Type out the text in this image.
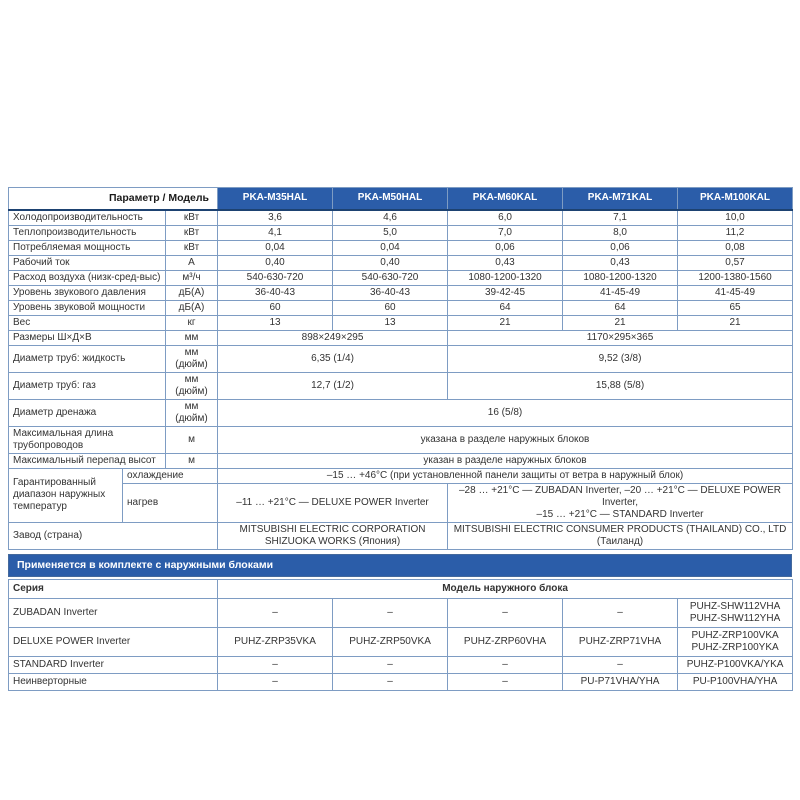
Параметр / Модель			PKA-M35HAL	PKA-M50HAL	PKA-M60KAL	PKA-M71KAL	PKA-M100KAL
Холодопроизводительность		кВт	3,6	4,6	6,0	7,1	10,0
Теплопроизводительность		кВт	4,1	5,0	7,0	8,0	11,2
Потребляемая мощность		кВт	0,04	0,04	0,06	0,06	0,08
Рабочий ток		А	0,40	0,40	0,43	0,43	0,57
Расход воздуха (низк-сред-выс)		м³/ч	540-630-720	540-630-720	1080-1200-1320	1080-1200-1320	1200-1380-1560
Уровень звукового давления		дБ(А)	36-40-43	36-40-43	39-42-45	41-45-49	41-45-49
Уровень звуковой мощности		дБ(А)	60	60	64	64	65
Вес		кг	13	13	21	21	21
Размеры Ш×Д×В		мм	898×249×295		1170×295×365		
Диаметр труб: жидкость		мм (дюйм)	6,35 (1/4)		9,52 (3/8)		
Диаметр труб: газ		мм (дюйм)	12,7 (1/2)		15,88 (5/8)		
Диаметр дренажа		мм (дюйм)	16 (5/8)				
Максимальная длина трубопроводов		м	указана в разделе наружных блоков				
Максимальный перепад высот		м	указан в разделе наружных блоков				
Гарантированный диапазон наружных температур	охлаждение		–15 … +46°C (при установленной панели защиты от ветра в наружный блок)				
	нагрев		–11 … +21°C — DELUXE POWER Inverter		–28 … +21°C — ZUBADAN Inverter, –20 … +21°C — DELUXE POWER Inverter,
–15 … +21°C — STANDARD Inverter		
Завод (страна)			MITSUBISHI ELECTRIC CORPORATION
SHIZUOKA WORKS (Япония)		MITSUBISHI ELECTRIC CONSUMER PRODUCTS (THAILAND) CO., LTD (Таиланд)		
Применяется в комплекте с наружными блоками
Серия	Модель наружного блока				
ZUBADAN Inverter	–	–	–	–	PUHZ-SHW112VHA
PUHZ-SHW112YHA
DELUXE POWER Inverter	PUHZ-ZRP35VKA	PUHZ-ZRP50VKA	PUHZ-ZRP60VHA	PUHZ-ZRP71VHA	PUHZ-ZRP100VKA
PUHZ-ZRP100YKA
STANDARD Inverter	–	–	–	–	PUHZ-P100VKA/YKA
Неинверторные	–	–	–	PU-P71VHA/YHA	PU-P100VHA/YHA
